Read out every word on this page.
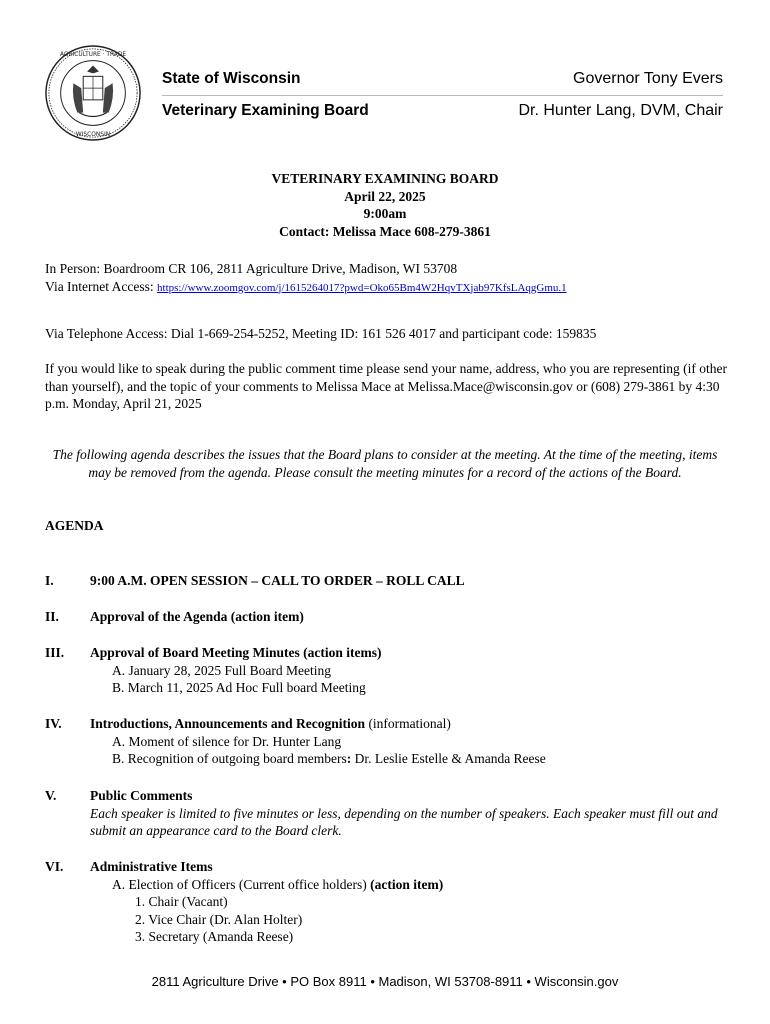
AGRICULTURE · TRADE
WISCONSIN
State of Wisconsin
Veterinary Examining Board
Governor Tony Evers
Dr. Hunter Lang, DVM, Chair
VETERINARY EXAMINING BOARD
April 22, 2025
9:00am
Contact: Melissa Mace 608-279-3861
In Person: Boardroom CR 106, 2811 Agriculture Drive, Madison, WI 53708
Via Internet Access: https://www.zoomgov.com/j/1615264017?pwd=Oko65Bm4W2HqvTXjab97KfsLAqgGmu.1
Via Telephone Access: Dial 1-669-254-5252, Meeting ID: 161 526 4017 and participant code: 159835
If you would like to speak during the public comment time please send your name, address, who you are representing (if other than yourself), and the topic of your comments to Melissa Mace at Melissa.Mace@wisconsin.gov or (608) 279-3861 by 4:30 p.m. Monday, April 21, 2025
The following agenda describes the issues that the Board plans to consider at the meeting. At the time of the meeting, items may be removed from the agenda. Please consult the meeting minutes for a record of the actions of the Board.
AGENDA
I.	9:00 A.M. OPEN SESSION – CALL TO ORDER – ROLL CALL
II. Approval of the Agenda (action item)
III. Approval of Board Meeting Minutes (action items)
A. January 28, 2025 Full Board Meeting
B. March 11, 2025 Ad Hoc Full board Meeting
IV. Introductions, Announcements and Recognition (informational)
A. Moment of silence for Dr. Hunter Lang
B. Recognition of outgoing board members: Dr. Leslie Estelle & Amanda Reese
V. Public Comments
Each speaker is limited to five minutes or less, depending on the number of speakers. Each speaker must fill out and submit an appearance card to the Board clerk.
VI. Administrative Items
A. Election of Officers (Current office holders) (action item)
1. Chair (Vacant)
2. Vice Chair (Dr. Alan Holter)
3. Secretary (Amanda Reese)
2811 Agriculture Drive • PO Box 8911 • Madison, WI 53708-8911 • Wisconsin.gov
